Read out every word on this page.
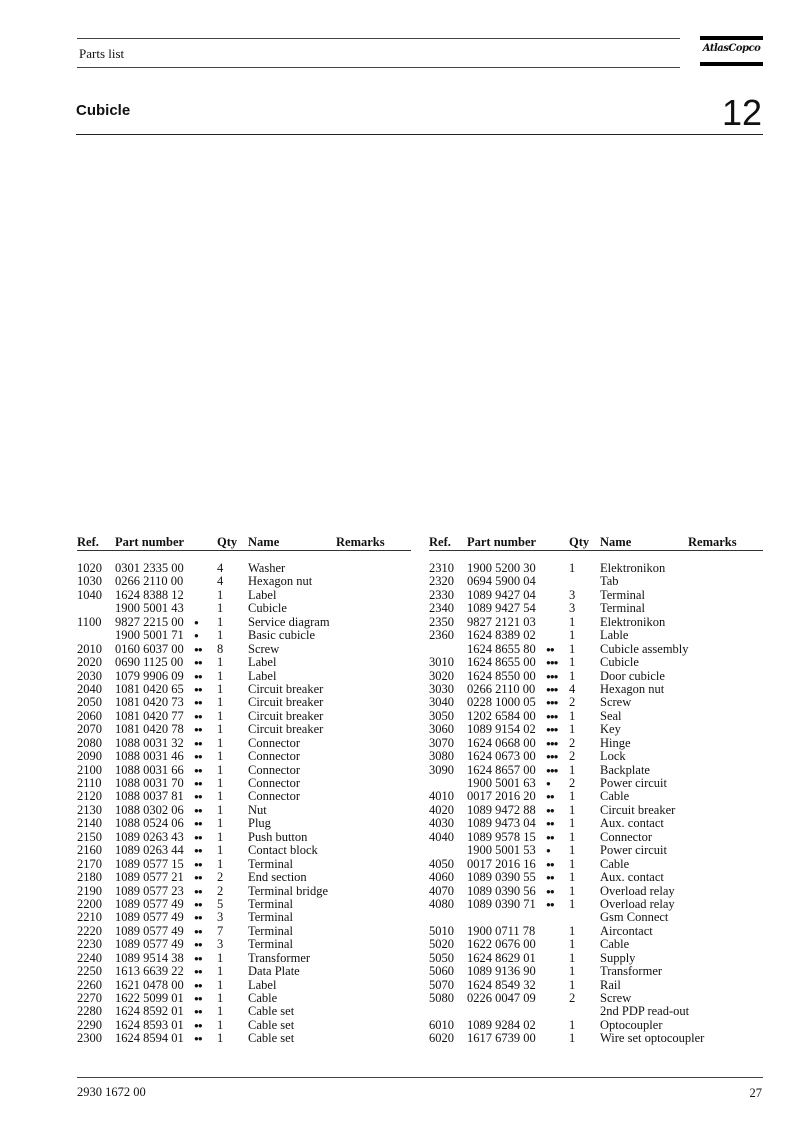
Parts list	AtlasCopco
Cubicle	12
Ref. Part number	Qty Name	Remarks
1020 0301 2335 00	4 Washer
1030 0266 2110 00	4 Hexagon nut
1040 1624 8388 12	1 Label
1900 5001 43	1 Cubicle
1100 9827 2215 00 ● 1 Service diagram
1900 5001 71 ● 1 Basic cubicle
2010 0160 6037 00 ●● 8 Screw
2020 0690 1125 00 ●● 1 Label
2030 1079 9906 09 ●● 1 Label
2040 1081 0420 65 ●● 1 Circuit breaker
2050 1081 0420 73 ●● 1 Circuit breaker
2060 1081 0420 77 ●● 1 Circuit breaker
2070 1081 0420 78 ●● 1 Circuit breaker
2080 1088 0031 32 ●● 1 Connector
2090 1088 0031 46 ●● 1 Connector
2100 1088 0031 66 ●● 1 Connector
2110 1088 0031 70 ●● 1 Connector
2120 1088 0037 81 ●● 1 Connector
2130 1088 0302 06 ●● 1 Nut
2140 1088 0524 06 ●● 1 Plug
2150 1089 0263 43 ●● 1 Push button
2160 1089 0263 44 ●● 1 Contact block
2170 1089 0577 15 ●● 1 Terminal
2180 1089 0577 21 ●● 2 End section
2190 1089 0577 23 ●● 2 Terminal bridge
2200 1089 0577 49 ●● 5 Terminal
2210 1089 0577 49 ●● 3 Terminal
2220 1089 0577 49 ●● 7 Terminal
2230 1089 0577 49 ●● 3 Terminal
2240 1089 9514 38 ●● 1 Transformer
2250 1613 6639 22 ●● 1 Data Plate
2260 1621 0478 00 ●● 1 Label
2270 1622 5099 01 ●● 1 Cable
2280 1624 8592 01 ●● 1 Cable set
2290 1624 8593 01 ●● 1 Cable set
2300 1624 8594 01 ●● 1 Cable set
Ref. Part number	Qty Name	Remarks
2310 1900 5200 30	1 Elektronikon
2320 0694 5900 04	Tab
2330 1089 9427 04	3 Terminal
2340 1089 9427 54	3 Terminal
2350 9827 2121 03	1 Elektronikon
2360 1624 8389 02	1 Lable
1624 8655 80 ●● 1 Cubicle assembly
3010 1624 8655 00 ●●● 1 Cubicle
3020 1624 8550 00 ●●● 1 Door cubicle
3030 0266 2110 00 ●●● 4 Hexagon nut
3040 0228 1000 05 ●●● 2 Screw
3050 1202 6584 00 ●●● 1 Seal
3060 1089 9154 02 ●●● 1 Key
3070 1624 0668 00 ●●● 2 Hinge
3080 1624 0673 00 ●●● 2 Lock
3090 1624 8657 00 ●●● 1 Backplate
1900 5001 63 ● 2 Power circuit
4010 0017 2016 20 ●● 1 Cable
4020 1089 9472 88 ●● 1 Circuit breaker
4030 1089 9473 04 ●● 1 Aux. contact
4040 1089 9578 15 ●● 1 Connector
1900 5001 53 ● 1 Power circuit
4050 0017 2016 16 ●● 1 Cable
4060 1089 0390 55 ●● 1 Aux. contact
4070 1089 0390 56 ●● 1 Overload relay
4080 1089 0390 71 ●● 1 Overload relay
Gsm Connect
5010 1900 0711 78	1 Aircontact
5020 1622 0676 00	1 Cable
5050 1624 8629 01	1 Supply
5060 1089 9136 90	1 Transformer
5070 1624 8549 32	1 Rail
5080 0226 0047 09	2 Screw
2nd PDP read-out
6010 1089 9284 02	1 Optocoupler
6020 1617 6739 00	1 Wire set optocoupler
2930 1672 00	27
